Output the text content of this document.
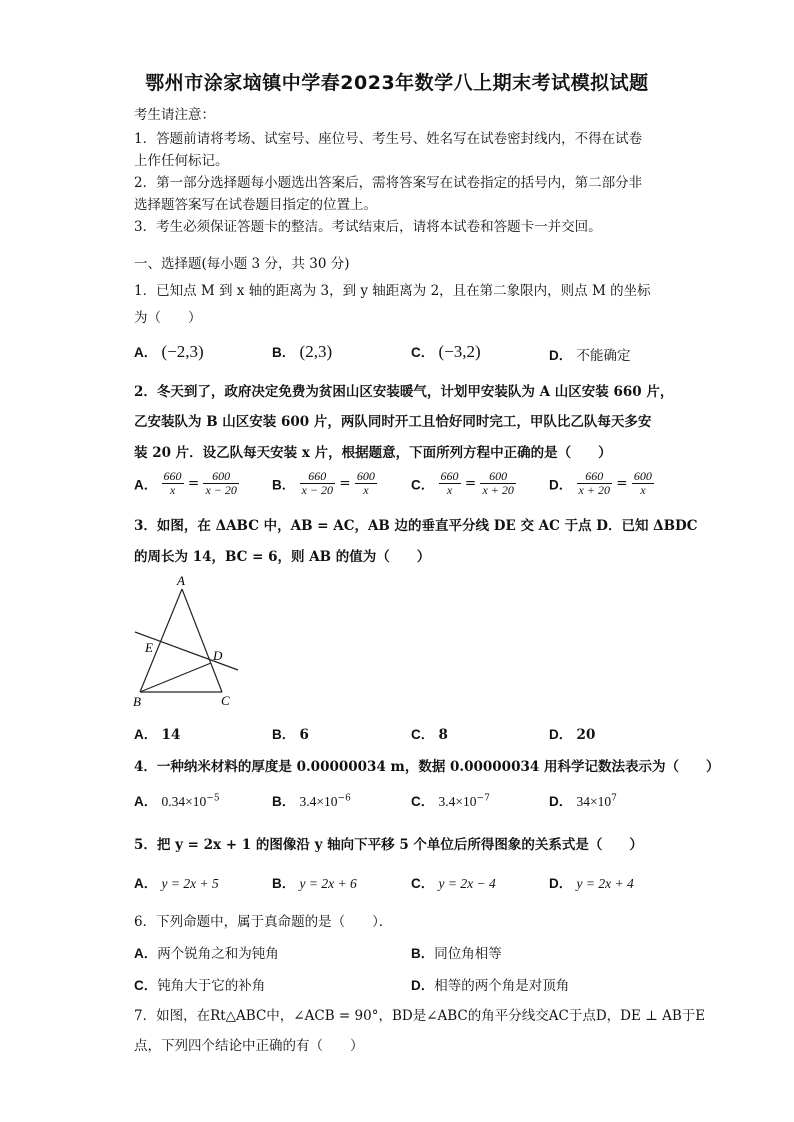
鄂州市涂家垴镇中学春2023年数学八上期末考试模拟试题
考生请注意：
1．答题前请将考场、试室号、座位号、考生号、姓名写在试卷密封线内，不得在试卷
上作任何标记。
2．第一部分选择题每小题选出答案后，需将答案写在试卷指定的括号内，第二部分非
选择题答案写在试卷题目指定的位置上。
3．考生必须保证答题卡的整洁。考试结束后，请将本试卷和答题卡一并交回。
一、选择题(每小题 3 分，共 30 分)
1．已知点 M 到 x 轴的距离为 3，到 y 轴距离为 2，且在第二象限内，则点 M 的坐标
为（　　）
A． (−2,3)	B． (2,3)	C． (−3,2)	D． 不能确定
2．冬天到了，政府决定免费为贫困山区安装暖气，计划甲安装队为 A 山区安装 660 片，
乙安装队为 B 山区安装 600 片，两队同时开工且恰好同时完工，甲队比乙队每天多安
装 20 片．设乙队每天安装 x 片，根据题意，下面所列方程中正确的是（　　）
A． $\frac{660}{x} = \frac{600}{x - 20}$ B． $\frac{660}{x - 20} = \frac{600}{x}$	C． $\frac{660}{x} = \frac{600}{x + 20}$ D． $\frac{660}{x + 20} = \frac{600}{x}$
3．如图，在 ΔABC 中，AB = AC，AB 边的垂直平分线 DE 交 AC 于点 D．已知 ΔBDC
的周长为 14，BC = 6，则 AB 的值为（　　）
A
E
D
B	C
A． 14	B． 6	C． 8	D． 20
4．一种纳米材料的厚度是 0.00000034 m，数据 0.00000034 用科学记数法表示为（　　）
A． $0.34\times 10^{-5}$	B． $3.4\times 10^{-6}$	C． $3.4\times 10^{-7}$	D． $34\times 10^7$
5．把 y = 2x + 1 的图像沿 y 轴向下平移 5 个单位后所得图象的关系式是（　　）
A． y = 2x + 5	B． y = 2x + 6	C． y = 2x − 4	D． y = 2x + 4
6．下列命题中，属于真命题的是（　　）．
A．两个锐角之和为钝角	B．同位角相等
C．钝角大于它的补角	D．相等的两个角是对顶角
7．如图，在Rt△ABC中，∠ACB = 90°，BD是∠ABC的角平分线交AC于点D，DE ⊥ AB于E
点，下列四个结论中正确的有（　　）
